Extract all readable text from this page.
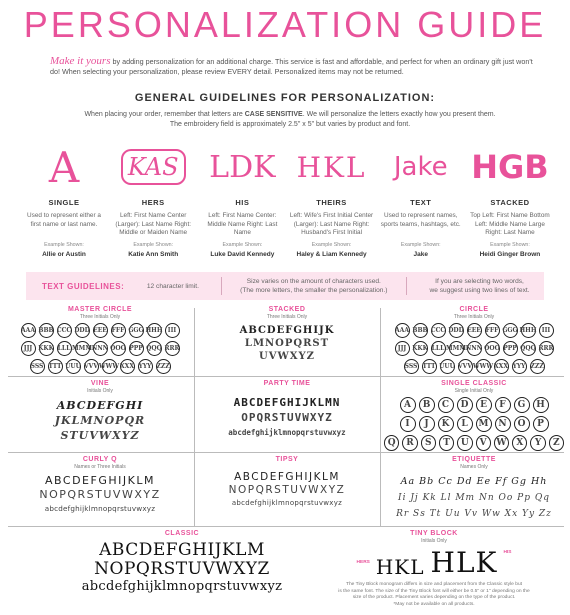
PERSONALIZATION GUIDE

Make it yours by adding personalization for an additional charge. This service is fast and affordable, and perfect for when an ordinary gift just won't do! When selecting your personalization, please review EVERY detail. Personalized items may not be returned.

GENERAL GUIDELINES FOR PERSONALIZATION:
When placing your order, remember that letters are CASE SENSITIVE. We will personalize the letters exactly how you present them.
The embroidery field is approximately 2.5" x 5" but varies by product and font.
A
SINGLE
Used to represent either a first name or last name.
Example Shown:
Allie or Austin
KAS
HERS
Left: First Name Center (Larger): Last Name Right: Middle or Maiden Name
Example Shown:
Katie Ann Smith
LDK
HIS
Left: First Name Center: Middle Name Right: Last Name
Example Shown:
Luke David Kennedy
HKL
THEIRS
Left: Wife's First Initial Center (Larger): Last Name Right: Husband's First Initial
Example Shown:
Haley & Liam Kennedy
Jake
TEXT
Used to represent names, sports teams, hashtags, etc.
Example Shown:
Jake
HGB
STACKED
Top Left: First Name Bottom Left: Middle Name Large Right: Last Name
Example Shown:
Heidi Ginger Brown
TEXT GUIDELINES:	12 character limit.
Size varies on the amount of characters used.
(The more letters, the smaller the personalization.)
If you are selecting two words,
we suggest using two lines of text.
MASTER CIRCLE
Three Initials Only
AAA BBB CCC DDD EEE FFF GGG HHH III
JJJ KKK LLL MMM NNN OOO PPP QQQ RRR
SSS TTT UUU VVV WWW XXX YYY ZZZ
STACKED
Three Initials Only
ABCDEFGHIJK
LMNOPQRST
UVWXYZ
CIRCLE
Three Initials Only
AAA BBB CCC DDD EEE FFF GGG HHH III
JJJ KKK LLL MMM NNN OOO PPP QQQ RRR
SSS TTT UUU VVV WWW XXX YYY ZZZ
VINE
Initials Only
ABCDEFGHI
JKLMNOPQR
STUVWXYZ
PARTY TIME
ABCDEFGHIJKLMN
OPQRSTUVWXYZ
abcdefghijklmnopqrstuvwxyz
SINGLE CLASSIC
Single Initial Only
A	B	C	D	E	F	G	H
I	J	K	L	M	N	O	P
Q	R	S	T	U	V	W	X	Y	Z
CURLY Q
Names or Three Initials
ABCDEFGHIJKLM
NOPQRSTUVWXYZ
abcdefghijklmnopqrstuvwxyz
TIPSY
ABCDEFGHIJKLM
NOPQRSTUVWXYZ
abcdefghijklmnopqrstuvwxyz
ETIQUETTE
Names Only
Aa Bb Cc Dd Ee Ff Gg Hh
Ii Jj Kk Ll Mm Nn Oo Pp Qq
Rr Ss Tt Uu Vv Ww Xx Yy Zz
CLASSIC
ABCDEFGHIJKLM
NOPQRSTUVWXYZ
abcdefghijklmnopqrstuvwxyz
TINY BLOCK
Initials Only
HERS HKL HLK HIS
The Tiny Block monogram differs in size and placement from the Classic style but
is the same font. The size of the Tiny Block font will either be 0.5" or 1" depending on the
size of the product. Placement varies depending on the type of the product.
*May not be available on all products.
